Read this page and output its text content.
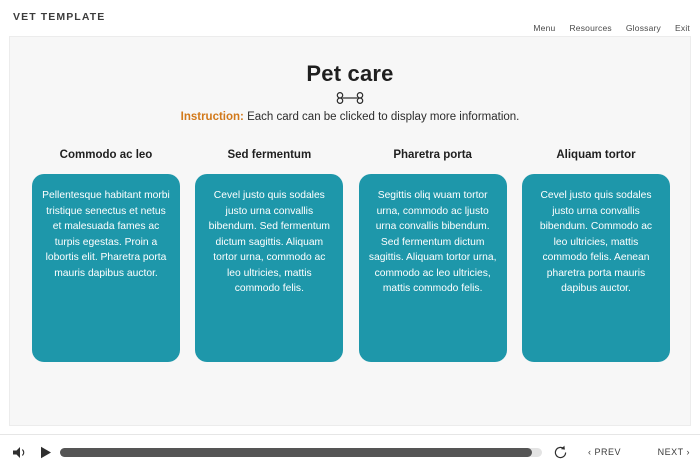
VET TEMPLATE
Menu Resources Glossary Exit
Pet care
Instruction: Each card can be clicked to display more information.
Commodo ac leo
Pellentesque habitant morbi tristique senectus et netus et malesuada fames ac turpis egestas. Proin a lobortis elit. Pharetra porta mauris dapibus auctor.
Sed fermentum
Cevel justo quis sodales justo urna convallis bibendum. Sed fermentum dictum sagittis. Aliquam tortor urna, commodo ac leo ultricies, mattis commodo felis.
Pharetra porta
Segittis oliq wuam tortor urna, commodo ac ljusto urna convallis bibendum. Sed fermentum dictum sagittis. Aliquam tortor urna, commodo ac leo ultricies, mattis commodo felis.
Aliquam tortor
Cevel justo quis sodales justo urna convallis bibendum. Commodo ac leo ultricies, mattis commodo felis. Aenean pharetra porta mauris dapibus auctor.
‹ PREV	NEXT ›
